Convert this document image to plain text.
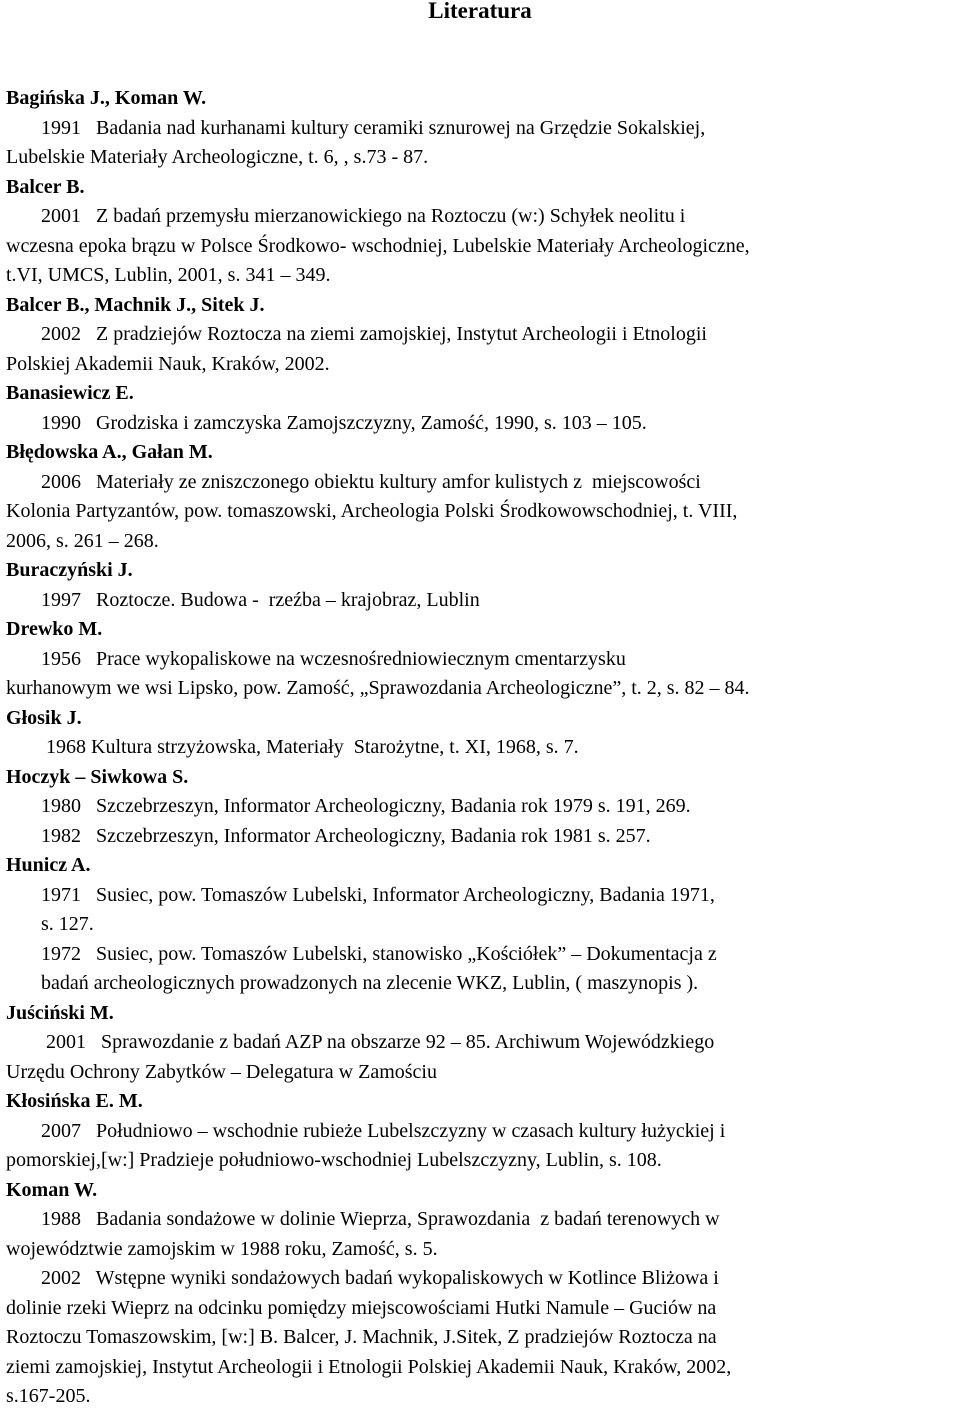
Literatura
Bagińska J., Koman W.
1991   Badania nad kurhanami kultury ceramiki sznurowej na Grzędzie Sokalskiej,
Lubelskie Materiały Archeologiczne, t. 6, , s.73 - 87.
Balcer B.
2001   Z badań przemysłu mierzanowickiego na Roztoczu (w:) Schyłek neolitu i
wczesna epoka brązu w Polsce Środkowo- wschodniej, Lubelskie Materiały Archeologiczne,
t.VI, UMCS, Lublin, 2001, s. 341 – 349.
Balcer B., Machnik J., Sitek J.
2002   Z pradziejów Roztocza na ziemi zamojskiej, Instytut Archeologii i Etnologii
Polskiej Akademii Nauk, Kraków, 2002.
Banasiewicz E.
1990   Grodziska i zamczyska Zamojszczyzny, Zamość, 1990, s. 103 – 105.
Błędowska A., Gałan M.
2006   Materiały ze zniszczonego obiektu kultury amfor kulistych z  miejscowości
Kolonia Partyzantów, pow. tomaszowski, Archeologia Polski Środkowowschodniej, t. VIII,
2006, s. 261 – 268.
Buraczyński J.
1997   Roztocze. Budowa -  rzeźba – krajobraz, Lublin
Drewko M.
1956   Prace wykopaliskowe na wczesnośredniowiecznym cmentarzysku
kurhanowym we wsi Lipsko, pow. Zamość, „Sprawozdania Archeologiczne”, t. 2, s. 82 – 84.
Głosik J.
1968 Kultura strzyżowska, Materiały  Starożytne, t. XI, 1968, s. 7.
Hoczyk – Siwkowa S.
1980   Szczebrzeszyn, Informator Archeologiczny, Badania rok 1979 s. 191, 269.
1982   Szczebrzeszyn, Informator Archeologiczny, Badania rok 1981 s. 257.
Hunicz A.
1971   Susiec, pow. Tomaszów Lubelski, Informator Archeologiczny, Badania 1971,
s. 127.
1972   Susiec, pow. Tomaszów Lubelski, stanowisko „Kościółek” – Dokumentacja z
badań archeologicznych prowadzonych na zlecenie WKZ, Lublin, ( maszynopis ).
Juściński M.
2001   Sprawozdanie z badań AZP na obszarze 92 – 85. Archiwum Wojewódzkiego
Urzędu Ochrony Zabytków – Delegatura w Zamościu
Kłosińska E. M.
2007   Południowo – wschodnie rubieże Lubelszczyzny w czasach kultury łużyckiej i
pomorskiej,[w:] Pradzieje południowo-wschodniej Lubelszczyzny, Lublin, s. 108.
Koman W.
1988   Badania sondażowe w dolinie Wieprza, Sprawozdania  z badań terenowych w
województwie zamojskim w 1988 roku, Zamość, s. 5.
2002   Wstępne wyniki sondażowych badań wykopaliskowych w Kotlince Bliżowa i
dolinie rzeki Wieprz na odcinku pomiędzy miejscowościami Hutki Namule – Guciów na
Roztoczu Tomaszowskim, [w:] B. Balcer, J. Machnik, J.Sitek, Z pradziejów Roztocza na
ziemi zamojskiej, Instytut Archeologii i Etnologii Polskiej Akademii Nauk, Kraków, 2002,
s.167-205.
